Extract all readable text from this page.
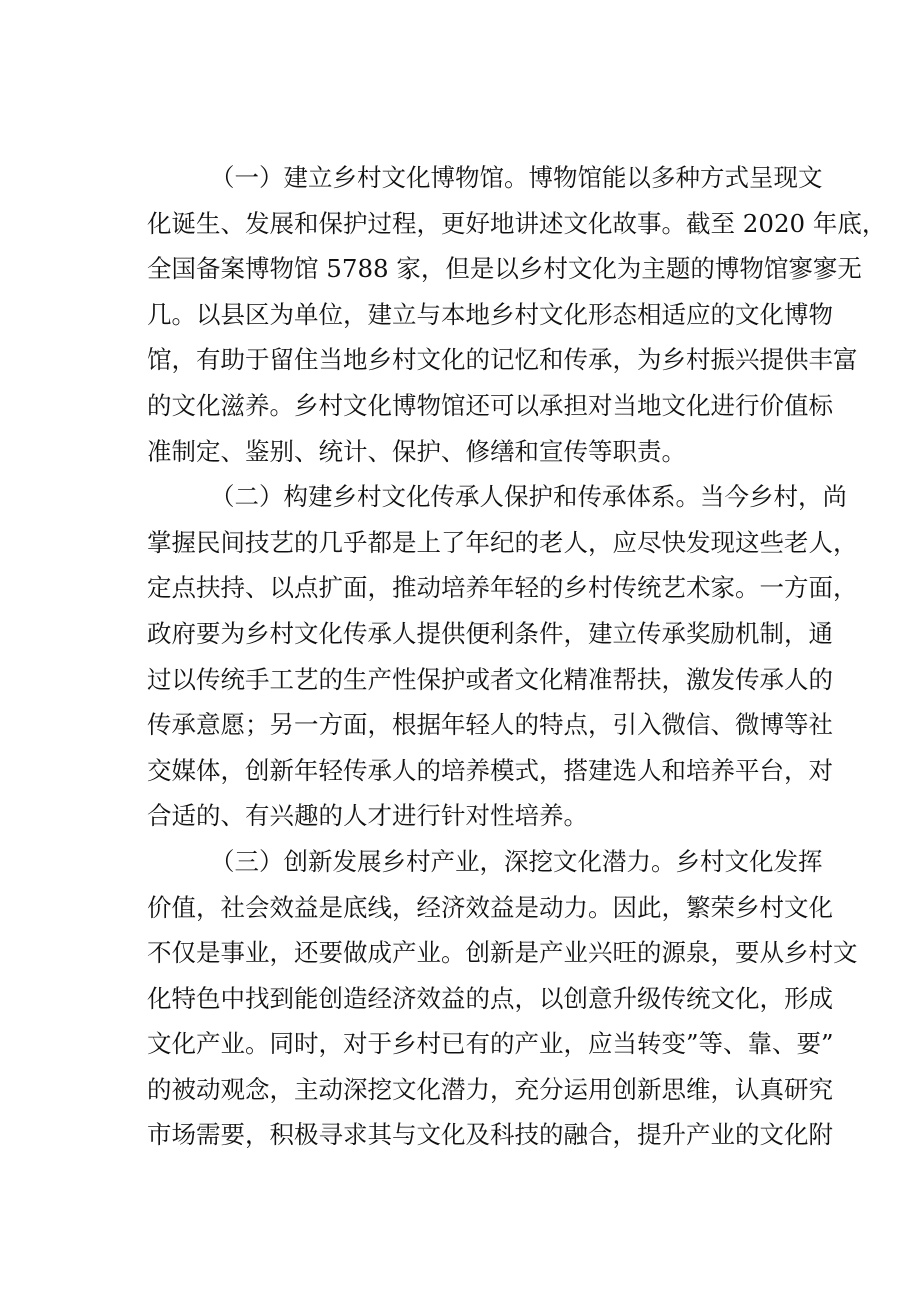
（一）建立乡村文化博物馆。博物馆能以多种方式呈现文
化诞生、发展和保护过程，更好地讲述文化故事。截至 2020 年底，
全国备案博物馆 5788 家，但是以乡村文化为主题的博物馆寥寥无
几。以县区为单位，建立与本地乡村文化形态相适应的文化博物
馆，有助于留住当地乡村文化的记忆和传承，为乡村振兴提供丰富
的文化滋养。乡村文化博物馆还可以承担对当地文化进行价值标
准制定、鉴别、统计、保护、修缮和宣传等职责。
（二）构建乡村文化传承人保护和传承体系。当今乡村，尚
掌握民间技艺的几乎都是上了年纪的老人，应尽快发现这些老人，
定点扶持、以点扩面，推动培养年轻的乡村传统艺术家。一方面，
政府要为乡村文化传承人提供便利条件，建立传承奖励机制，通
过以传统手工艺的生产性保护或者文化精准帮扶，激发传承人的
传承意愿；另一方面，根据年轻人的特点，引入微信、微博等社
交媒体，创新年轻传承人的培养模式，搭建选人和培养平台，对
合适的、有兴趣的人才进行针对性培养。
（三）创新发展乡村产业，深挖文化潜力。乡村文化发挥
价值，社会效益是底线，经济效益是动力。因此，繁荣乡村文化
不仅是事业，还要做成产业。创新是产业兴旺的源泉，要从乡村文
化特色中找到能创造经济效益的点，以创意升级传统文化，形成
文化产业。同时，对于乡村已有的产业，应当转变”等、靠、要”
的被动观念，主动深挖文化潜力，充分运用创新思维，认真研究
市场需要，积极寻求其与文化及科技的融合，提升产业的文化附
